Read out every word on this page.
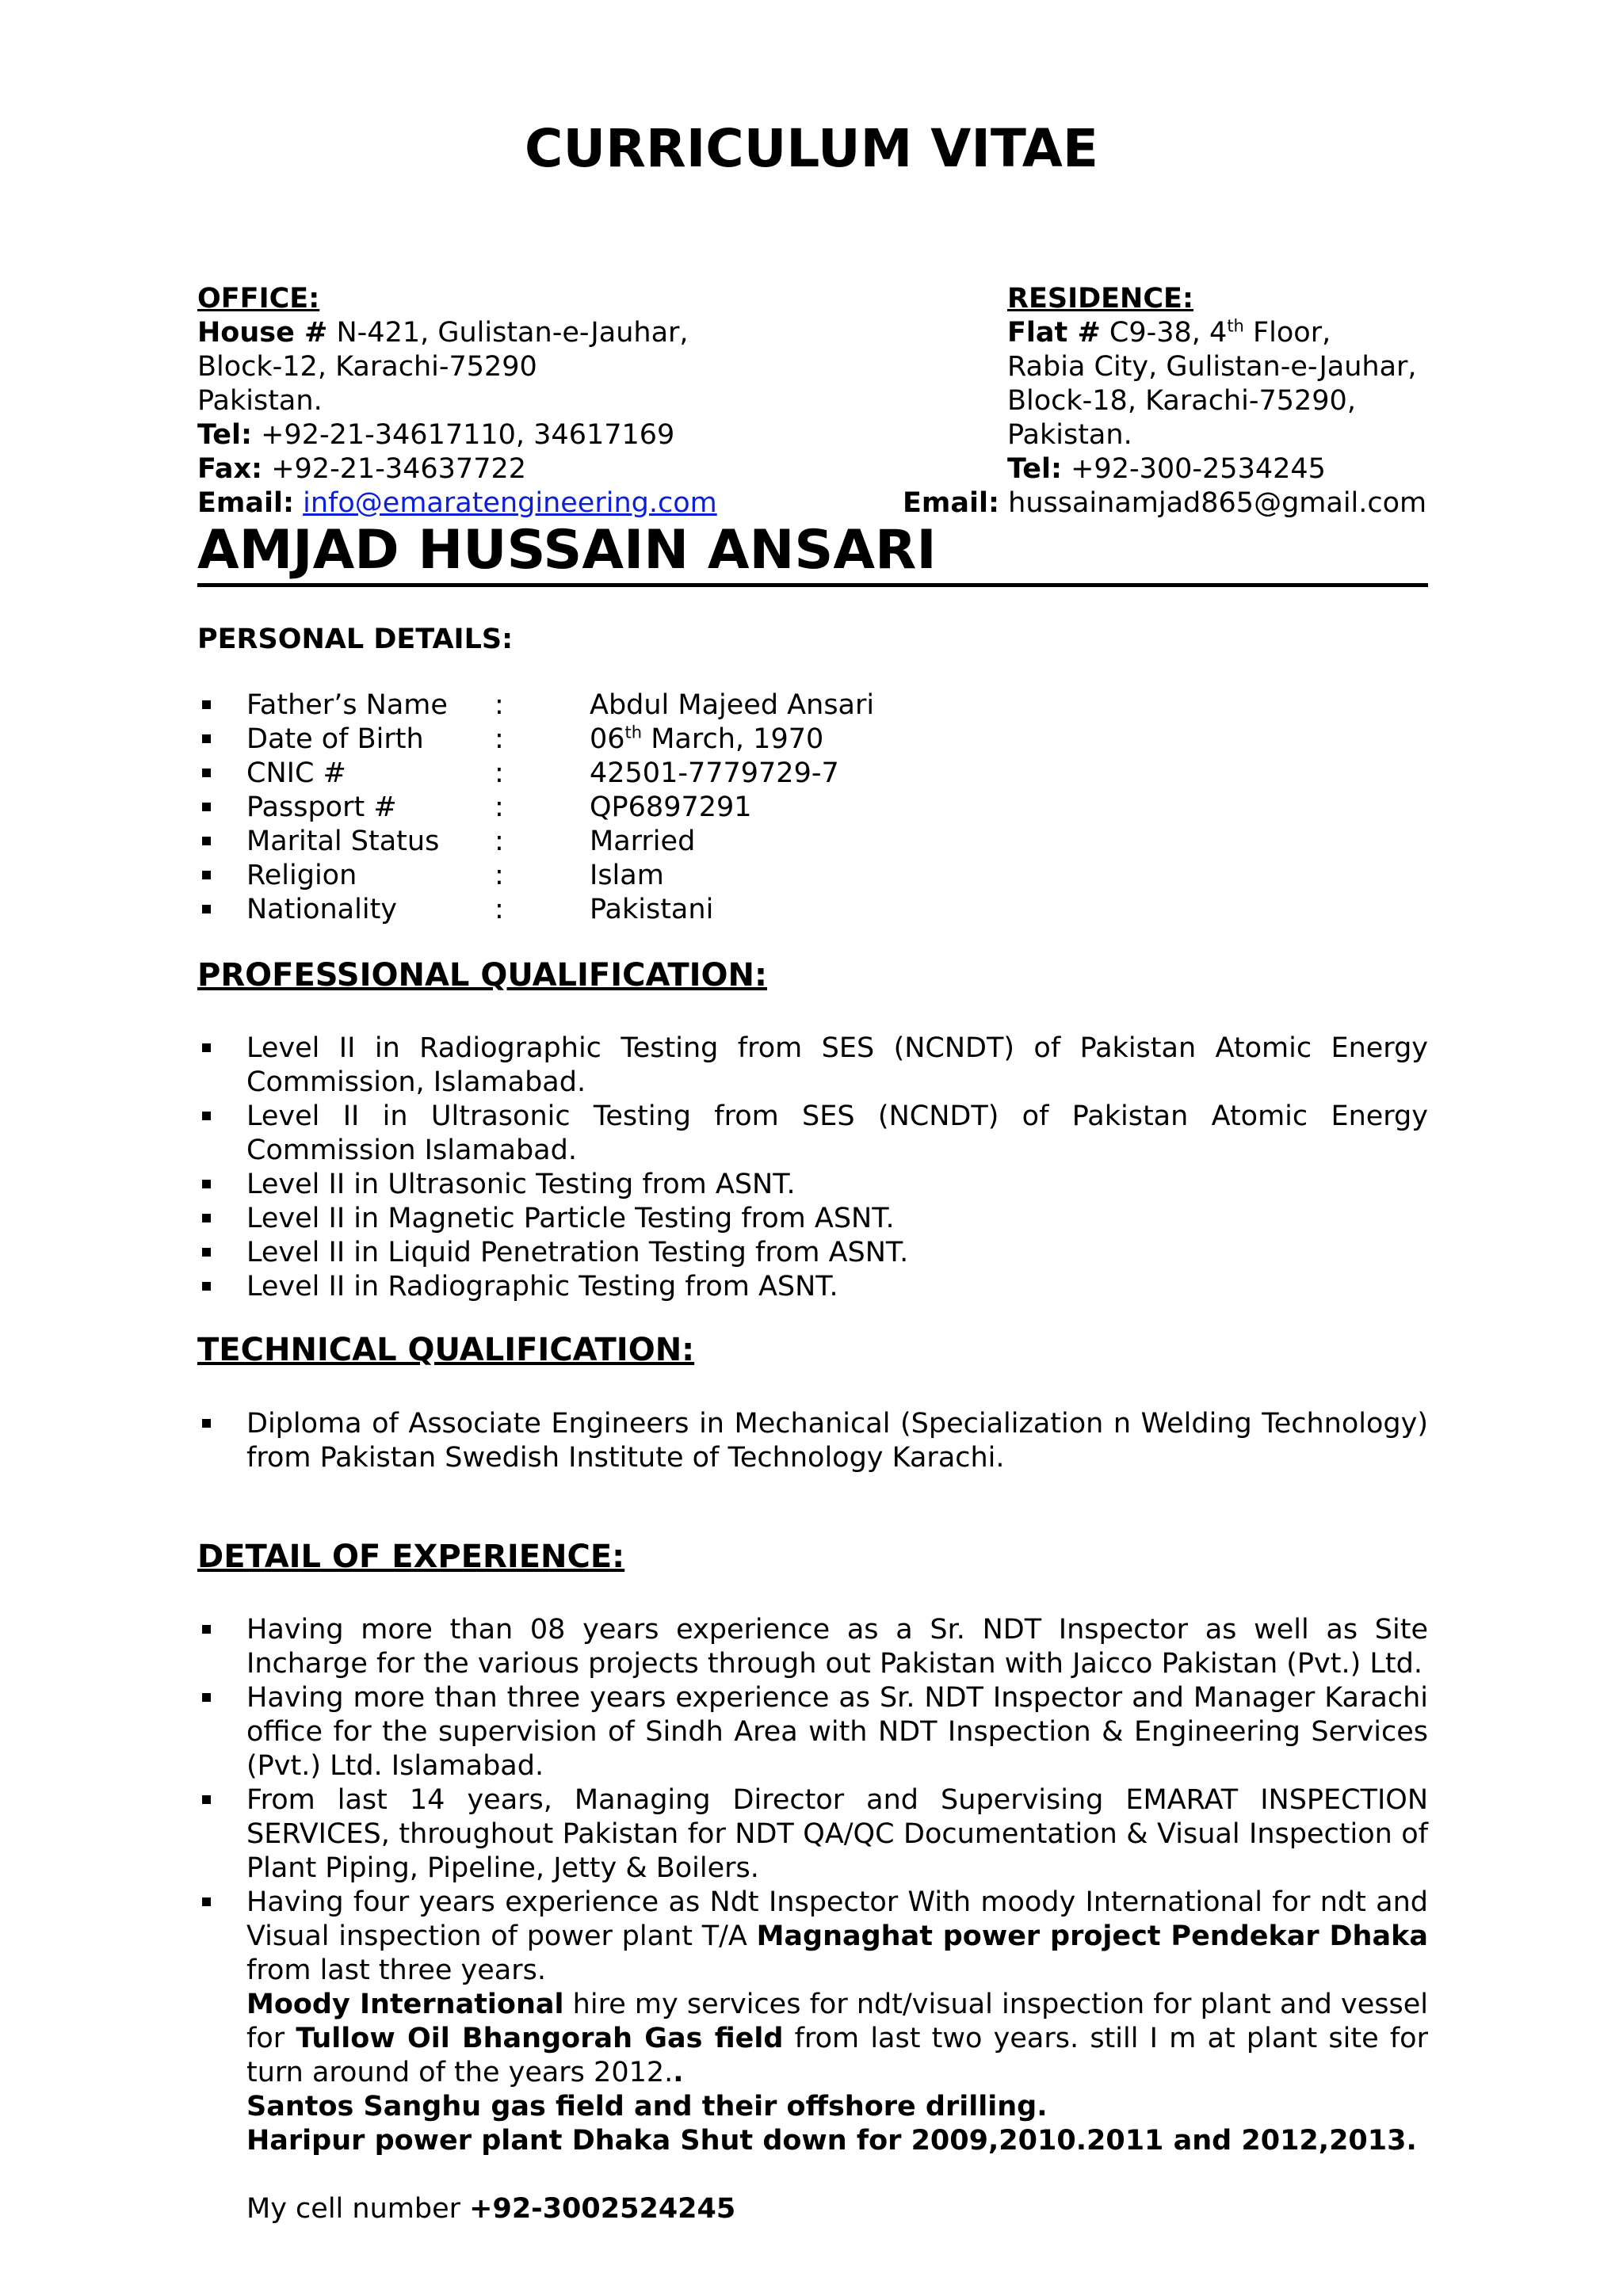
CURRICULUM VITAE
OFFICE:
House # N-421, Gulistan-e-Jauhar,
Block-12, Karachi-75290
Pakistan.
Tel: +92-21-34617110, 34617169
Fax: +92-21-34637722
Email: info@emaratengineering.com
RESIDENCE:
Flat # C9-38, 4th Floor,
Rabia City, Gulistan-e-Jauhar,
Block-18, Karachi-75290,
Pakistan.
Tel: +92-300-2534245
Email: hussainamjad865@gmail.com
AMJAD HUSSAIN ANSARI
PERSONAL DETAILS:
Father’s Name	:	Abdul Majeed Ansari
Date of Birth	:	06th March, 1970
CNIC #	:	42501-7779729-7
Passport #	:	QP6897291
Marital Status	:	Married
Religion	:	Islam
Nationality	:	Pakistani
PROFESSIONAL QUALIFICATION:
Level II in Radiographic Testing from SES (NCNDT) of Pakistan Atomic Energy Commission, Islamabad.
Level II in Ultrasonic Testing from SES (NCNDT) of Pakistan Atomic Energy Commission Islamabad.
Level II in Ultrasonic Testing from ASNT.
Level II in Magnetic Particle Testing from ASNT.
Level II in Liquid Penetration Testing from ASNT.
Level II in Radiographic Testing from ASNT.
TECHNICAL QUALIFICATION:
Diploma of Associate Engineers in Mechanical (Specialization n Welding Technology) from Pakistan Swedish Institute of Technology Karachi.
DETAIL OF EXPERIENCE:
Having more than 08 years experience as a Sr. NDT Inspector as well as Site Incharge for the various projects through out Pakistan with Jaicco Pakistan (Pvt.) Ltd.
Having more than three years experience as Sr. NDT Inspector and Manager Karachi office for the supervision of Sindh Area with NDT Inspection & Engineering Services (Pvt.) Ltd. Islamabad.
From last 14 years, Managing Director and Supervising EMARAT INSPECTION SERVICES, throughout Pakistan for NDT QA/QC Documentation & Visual Inspection of Plant Piping, Pipeline, Jetty & Boilers.
Having four years experience as Ndt Inspector With moody International for ndt and Visual inspection of power plant T/A Magnaghat power project Pendekar Dhaka from last three years.
Moody International hire my services for ndt/visual inspection for plant and vessel for Tullow Oil Bhangorah Gas field from last two years. still I m at plant site for turn around of the years 2012..
Santos Sanghu gas field and their offshore drilling.
Haripur power plant Dhaka Shut down for 2009,2010.2011 and 2012,2013.
My cell number +92-3002524245
